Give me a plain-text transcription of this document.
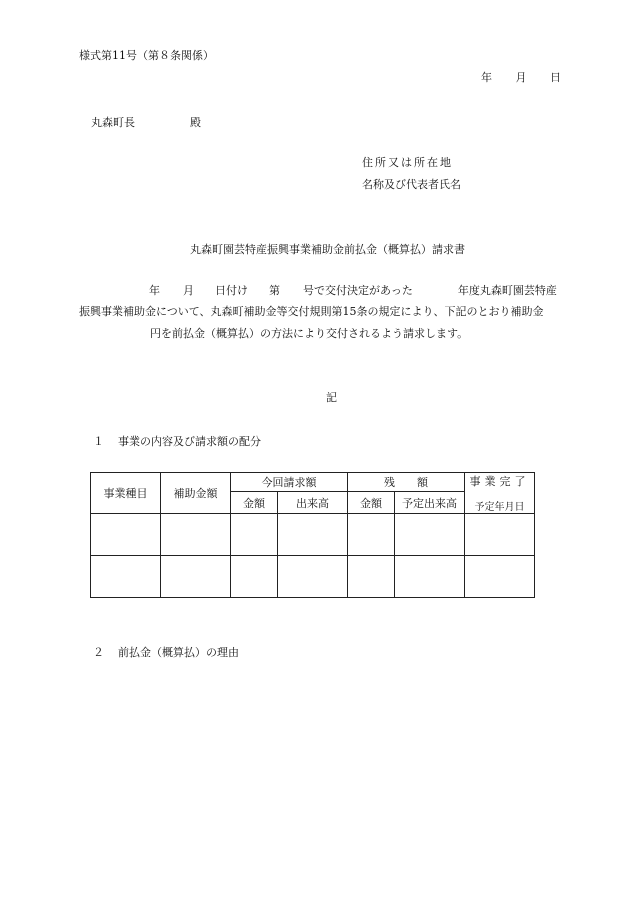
様式第11号（第８条関係）
年 月 日
丸森町長	殿
住所又は所在地
名称及び代表者氏名
丸森町園芸特産振興事業補助金前払金（概算払）請求書
年 月 日付け 第 号で交付決定があった	年度丸森町園芸特産
振興事業補助金について、丸森町補助金等交付規則第15条の規定により、下記のとおり補助金
円を前払金（概算払）の方法により交付されるよう請求します。
記
１ 事業の内容及び請求額の配分
事業種目	補助金額	今回請求額		残　　額		事業完了
予定年月日

		金額	出来高	金額	予定出来高	

２ 前払金（概算払）の理由
